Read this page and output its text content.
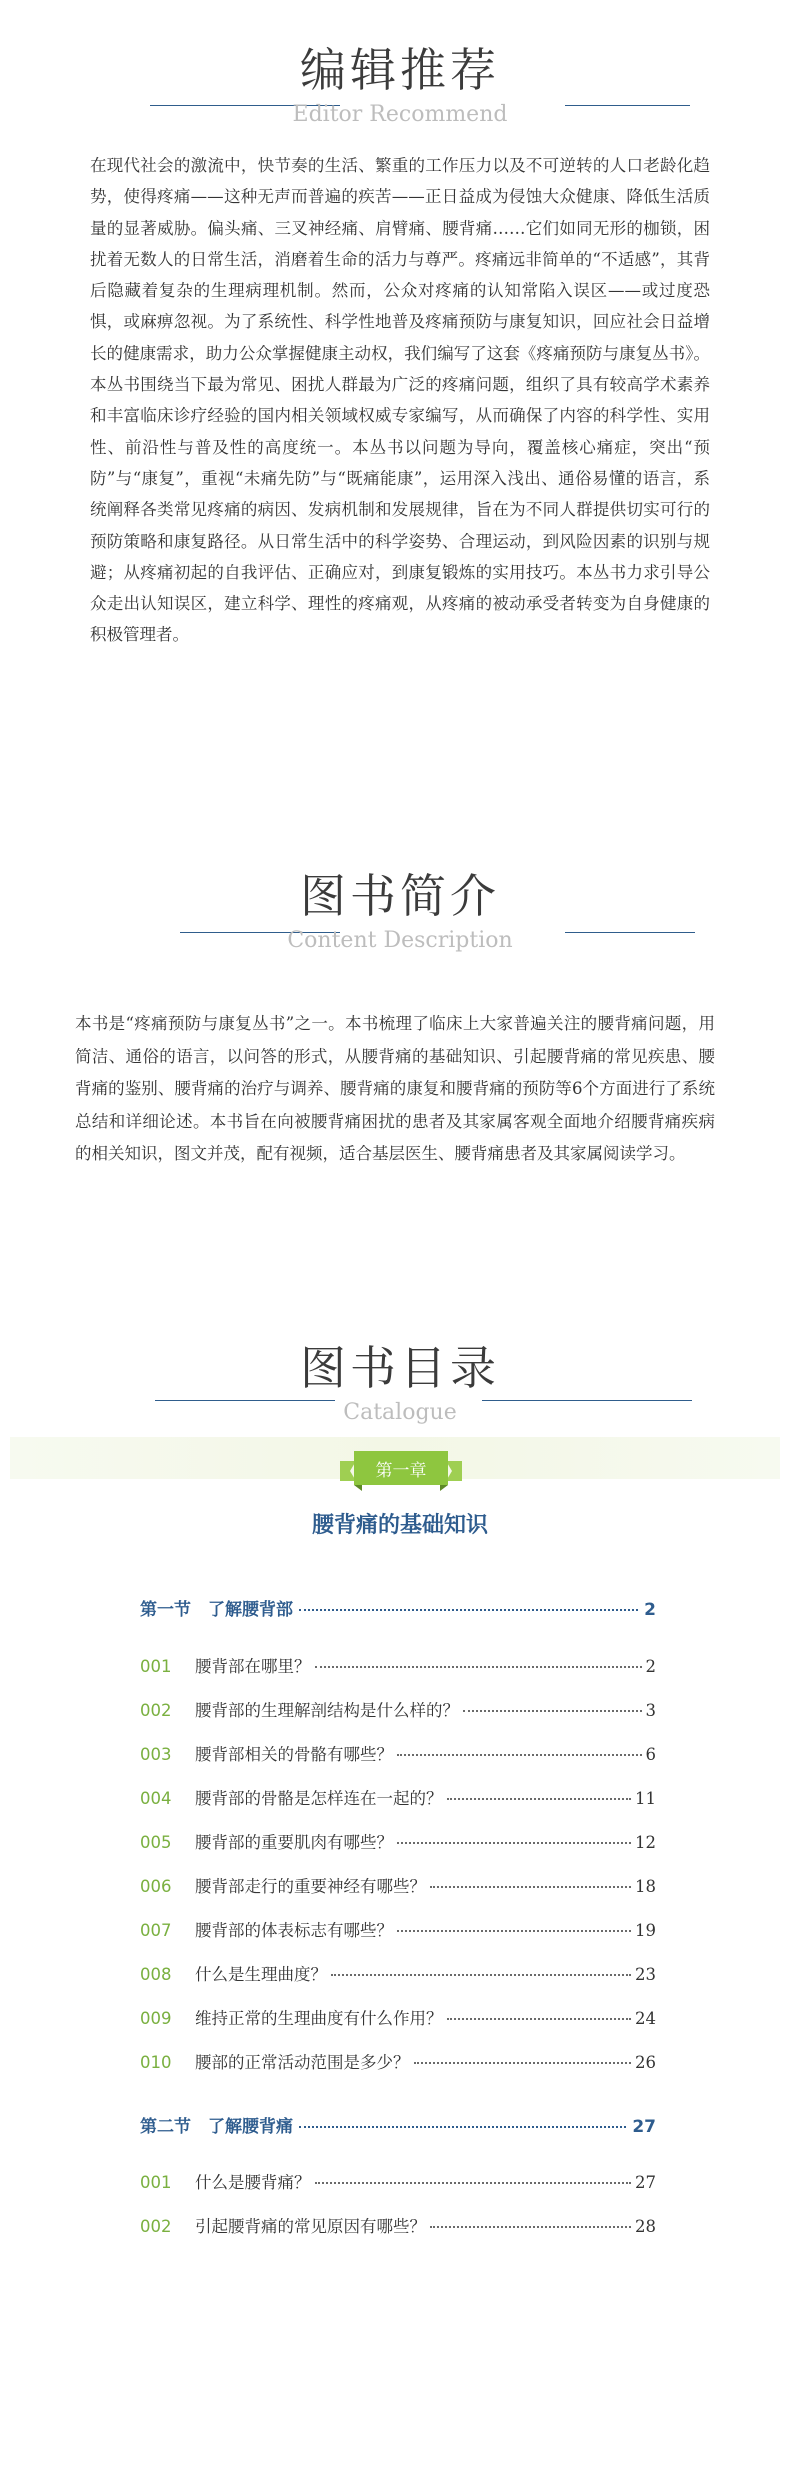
编辑推荐
Editor Recommend
在现代社会的激流中，快节奏的生活、繁重的工作压力以及不可逆转的人口老龄化趋势，使得疼痛——这种无声而普遍的疾苦——正日益成为侵蚀大众健康、降低生活质量的显著威胁。偏头痛、三叉神经痛、肩臂痛、腰背痛……它们如同无形的枷锁，困扰着无数人的日常生活，消磨着生命的活力与尊严。疼痛远非简单的“不适感”，其背后隐藏着复杂的生理病理机制。然而，公众对疼痛的认知常陷入误区——或过度恐惧，或麻痹忽视。为了系统性、科学性地普及疼痛预防与康复知识，回应社会日益增长的健康需求，助力公众掌握健康主动权，我们编写了这套《疼痛预防与康复丛书》。本丛书围绕当下最为常见、困扰人群最为广泛的疼痛问题，组织了具有较高学术素养和丰富临床诊疗经验的国内相关领域权威专家编写，从而确保了内容的科学性、实用性、前沿性与普及性的高度统一。本丛书以问题为导向，覆盖核心痛症，突出“预防”与“康复”，重视“未痛先防”与“既痛能康”，运用深入浅出、通俗易懂的语言，系统阐释各类常见疼痛的病因、发病机制和发展规律，旨在为不同人群提供切实可行的预防策略和康复路径。从日常生活中的科学姿势、合理运动，到风险因素的识别与规避；从疼痛初起的自我评估、正确应对，到康复锻炼的实用技巧。本丛书力求引导公众走出认知误区，建立科学、理性的疼痛观，从疼痛的被动承受者转变为自身健康的积极管理者。
图书简介
Content Description
本书是“疼痛预防与康复丛书”之一。本书梳理了临床上大家普遍关注的腰背痛问题，用简洁、通俗的语言，以问答的形式，从腰背痛的基础知识、引起腰背痛的常见疾患、腰背痛的鉴别、腰背痛的治疗与调养、腰背痛的康复和腰背痛的预防等6个方面进行了系统总结和详细论述。本书旨在向被腰背痛困扰的患者及其家属客观全面地介绍腰背痛疾病的相关知识，图文并茂，配有视频，适合基层医生、腰背痛患者及其家属阅读学习。
图书目录
Catalogue
第一章
腰背痛的基础知识
第一节　了解腰背部	2
001	腰背部在哪里？	2
002	腰背部的生理解剖结构是什么样的？	3
003	腰背部相关的骨骼有哪些？	6
004	腰背部的骨骼是怎样连在一起的？	11
005	腰背部的重要肌肉有哪些？	12
006	腰背部走行的重要神经有哪些？	18
007	腰背部的体表标志有哪些？	19
008	什么是生理曲度？	23
009	维持正常的生理曲度有什么作用？	24
010	腰部的正常活动范围是多少？	26
第二节　了解腰背痛	27
001	什么是腰背痛？	27
002	引起腰背痛的常见原因有哪些？	28
